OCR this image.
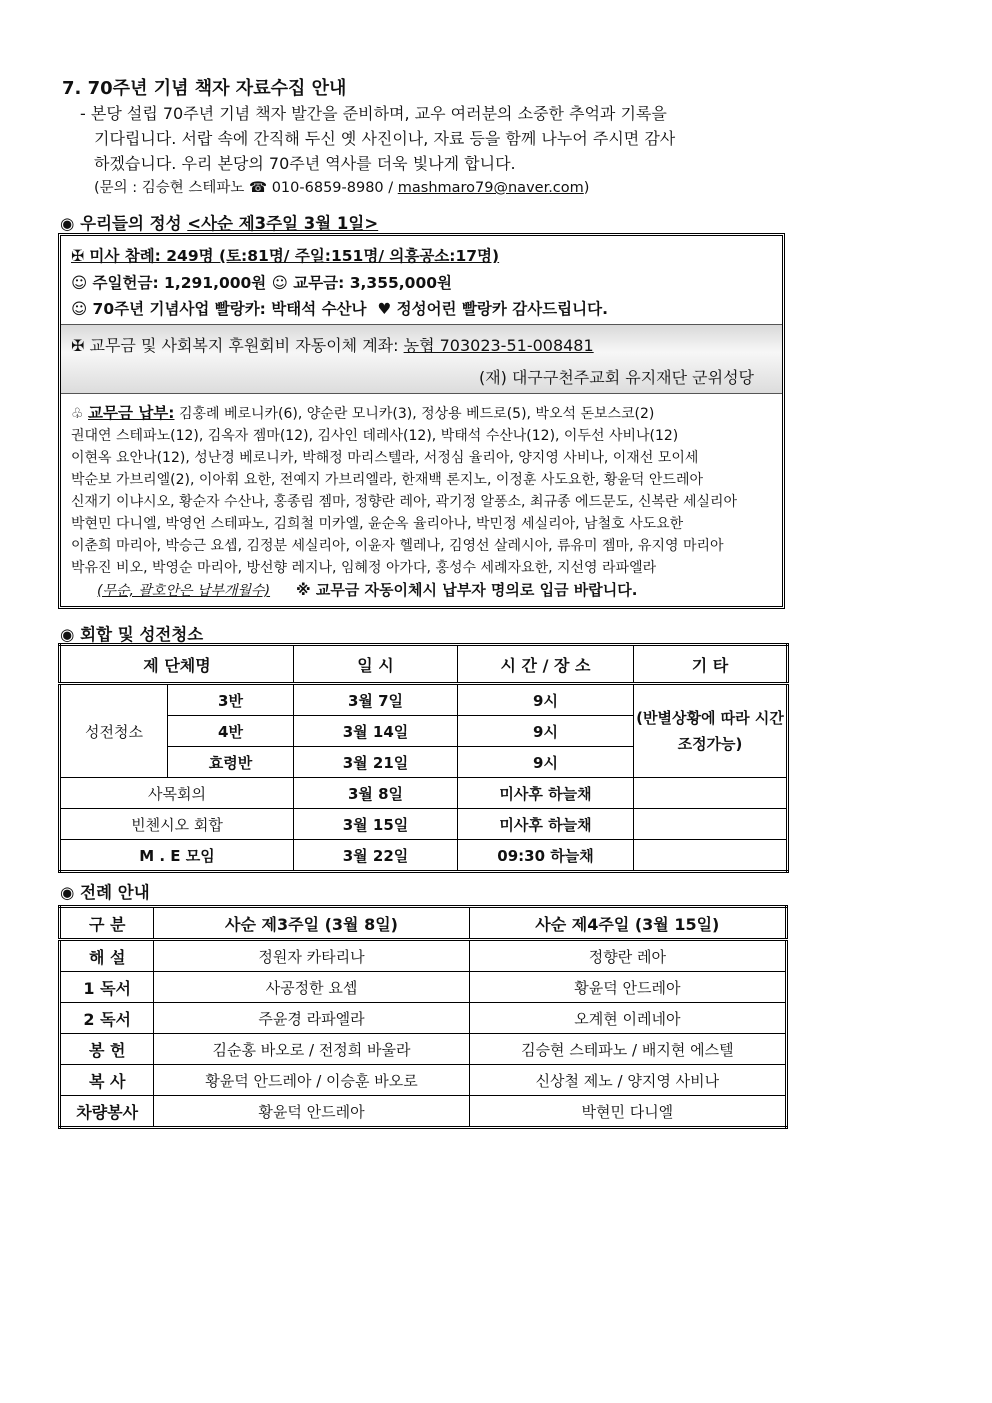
7. 70주년 기념 책자 자료수집 안내
- 본당 설립 70주년 기념 책자 발간을 준비하며, 교우 여러분의 소중한 추억과 기록을
기다립니다. 서랍 속에 간직해 두신 옛 사진이나, 자료 등을 함께 나누어 주시면 감사
하겠습니다. 우리 본당의 70주년 역사를 더욱 빛나게 합니다.
(문의 : 김승현 스테파노 ☎ 010-6859-8980 / mashmaro79@naver.com)
◉ 우리들의 정성 <사순 제3주일 3월 1일>
✠ 미사 참례: 249명 (토:81명/ 주일:151명/ 의흥공소:17명)
☺ 주일헌금: 1,291,000원 ☺ 교무금: 3,355,000원
☺ 70주년 기념사업 빨랑카: 박태석 수산나 ♥ 정성어린 빨랑카 감사드립니다.
✠ 교무금 및 사회복지 후원회비 자동이체 계좌: 농협 703023-51-008481
(재) 대구구천주교회 유지재단 군위성당
♧ 교무금 납부: 김홍례 베로니카(6), 양순란 모니카(3), 정상용 베드로(5), 박오석 돈보스코(2)
권대연 스테파노(12), 김옥자 젬마(12), 김사인 데레사(12), 박태석 수산나(12), 이두선 사비나(12)
이현옥 요안나(12), 성난경 베로니카, 박해정 마리스텔라, 서정심 율리아, 양지영 사비나, 이재선 모이세
박순보 가브리엘(2), 이아휘 요한, 전예지 가브리엘라, 한재백 론지노, 이정훈 사도요한, 황윤덕 안드레아
신재기 이냐시오, 황순자 수산나, 홍종림 젬마, 정향란 레아, 곽기정 알퐁소, 최규종 에드문도, 신복란 세실리아
박현민 다니엘, 박영언 스테파노, 김희철 미카엘, 윤순옥 율리아나, 박민정 세실리아, 남철호 사도요한
이춘희 마리아, 박승근 요셉, 김정분 세실리아, 이윤자 헬레나, 김영선 살레시아, 류유미 젬마, 유지영 마리아
박유진 비오, 박영순 마리아, 방선향 레지나, 임혜정 아가다, 홍성수 세례자요한, 지선영 라파엘라
(무순, 괄호안은 납부개월수) ※ 교무금 자동이체시 납부자 명의로 입금 바랍니다.
◉ 회합 및 성전청소
제 단체명		일 시	시 간 / 장 소	기 타
성전청소	3반	3월 7일	9시	(반별상황에 따라 시간조정가능)
	4반	3월 14일	9시	
	효령반	3월 21일	9시	
사목회의		3월 8일	미사후 하늘채	
빈첸시오 회합		3월 15일	미사후 하늘채	
M . E 모임		3월 22일	09:30 하늘채	
◉ 전례 안내
구 분	사순 제3주일 (3월 8일)	사순 제4주일 (3월 15일)
해 설	정원자 카타리나	정향란 레아
1 독서	사공정한 요셉	황윤덕 안드레아
2 독서	주윤경 라파엘라	오계현 이레네아
봉 헌	김순홍 바오로 / 전정희 바울라	김승현 스테파노 / 배지현 에스텔
복 사	황윤덕 안드레아 / 이승훈 바오로	신상철 제노 / 양지영 사비나
차량봉사	황윤덕 안드레아	박현민 다니엘
